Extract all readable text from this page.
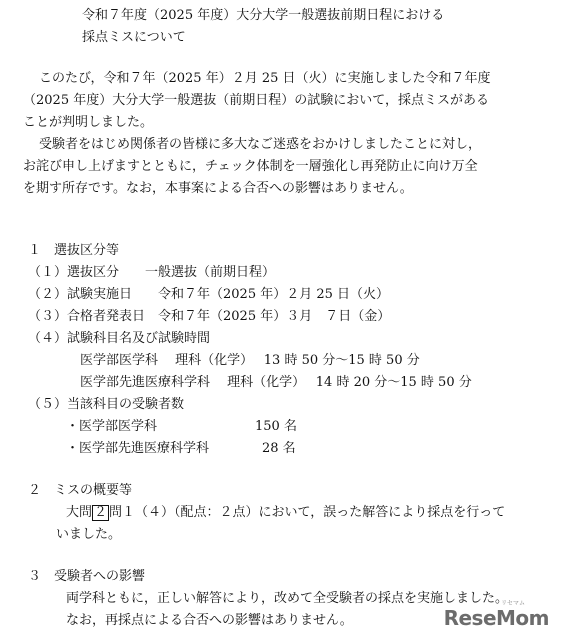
令和７年度（2025 年度）大分大学一般選抜前期日程における
採点ミスについて
このたび，令和７年（2025 年）２月 25 日（火）に実施しました令和７年度
（2025 年度）大分大学一般選抜（前期日程）の試験において，採点ミスがある
ことが判明しました。
受験者をはじめ関係者の皆様に多大なご迷惑をおかけしましたことに対し，
お詫び申し上げますとともに，チェック体制を一層強化し再発防止に向け万全
を期す所存です。なお，本事案による合否への影響はありません。
１　選抜区分等
（１）選抜区分　　一般選抜（前期日程）
（２）試験実施日　　令和７年（2025 年）２月 25 日（火）
（３）合格者発表日　令和７年（2025 年）３月　７日（金）
（４）試験科目名及び試験時間
医学部医学科　 理科（化学）　 13 時 50 分～15 時 50 分
医学部先進医療科学科　 理科（化学）　 14 時 20 分～15 時 50 分
（５）当該科目の受験者数
・医学部医学科	150 名
・医学部先進医療科学科	28 名
２　ミスの概要等
大問 ２ 問１（４）（配点：２点）において，誤った解答により採点を行って
いました。
３　受験者への影響
両学科ともに，正しい解答により，改めて全受験者の採点を実施しました。
なお，再採点による合否への影響はありません。
リセマム
ReseMom
